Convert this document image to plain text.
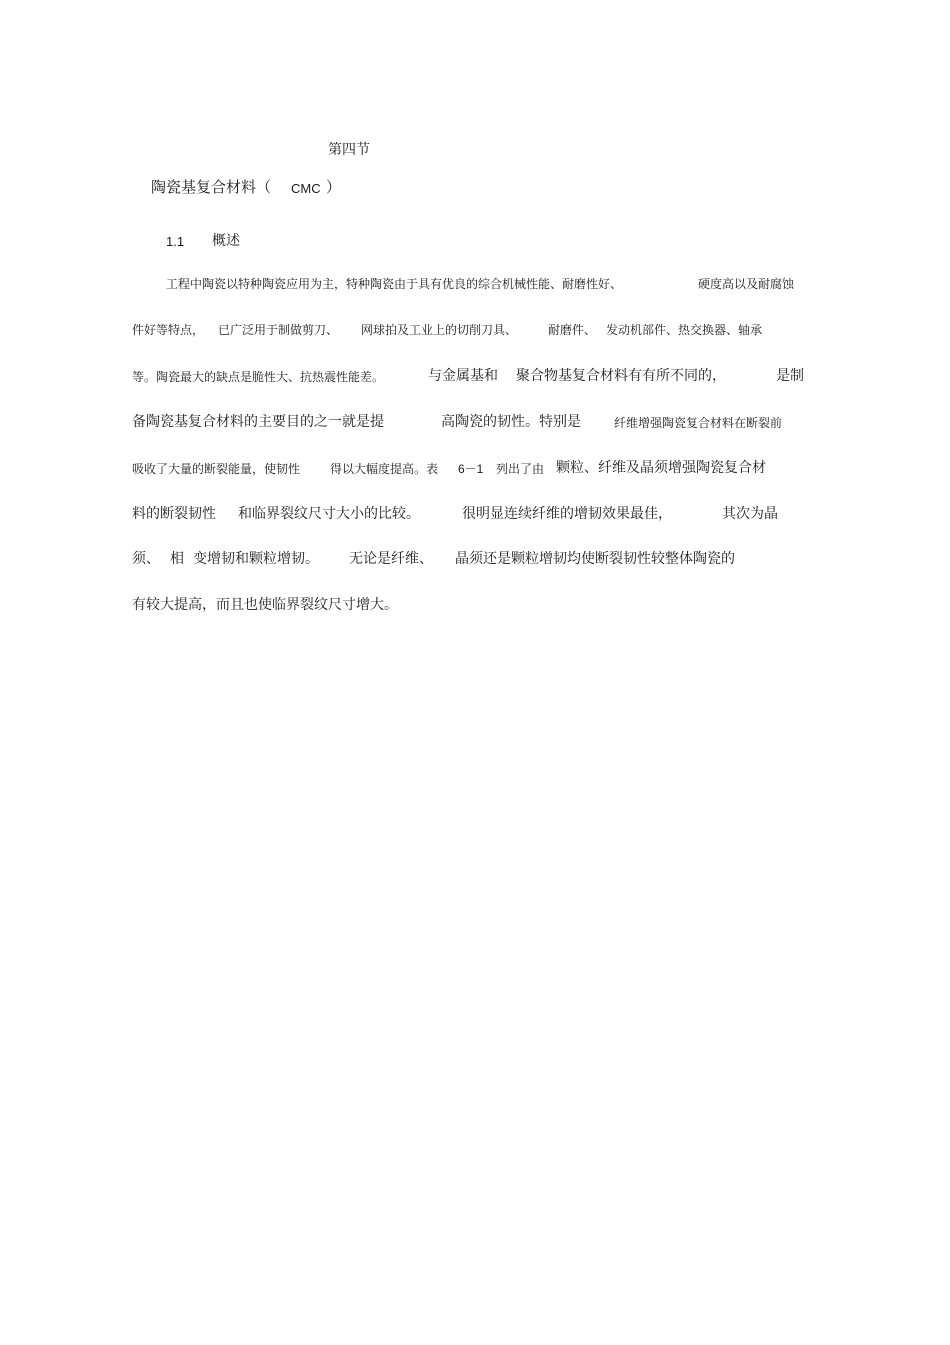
第四节
陶瓷基复合材料（ CMC ）
1.1 概述
工程中陶瓷以特种陶瓷应用为主，特种陶瓷由于具有优良的综合机械性能、耐磨性好、	硬度高以及耐腐蚀
件好等特点， 已广泛用于制做剪刀、 网球拍及工业上的切削刀具、	耐磨件、 发动机部件、热交换器、轴承
等。陶瓷最大的缺点是脆性大、抗热震性能差。	与金属基和 聚合物基复合材料有有所不同的，	是制
备陶瓷基复合材料的主要目的之一就是提	高陶瓷的韧性。特别是	纤维增强陶瓷复合材料在断裂前
吸收了大量的断裂能量，使韧性 得以大幅度提高。表 6－1 列出了由 颗粒、纤维及晶须增强陶瓷复合材
料的断裂韧性 和临界裂纹尺寸大小的比较。	很明显连续纤维的增韧效果最佳，	其次为晶
须、 相 变增韧和颗粒增韧。 无论是纤维、 晶须还是颗粒增韧均使断裂韧性较整体陶瓷的
有较大提高，而且也使临界裂纹尺寸增大。
